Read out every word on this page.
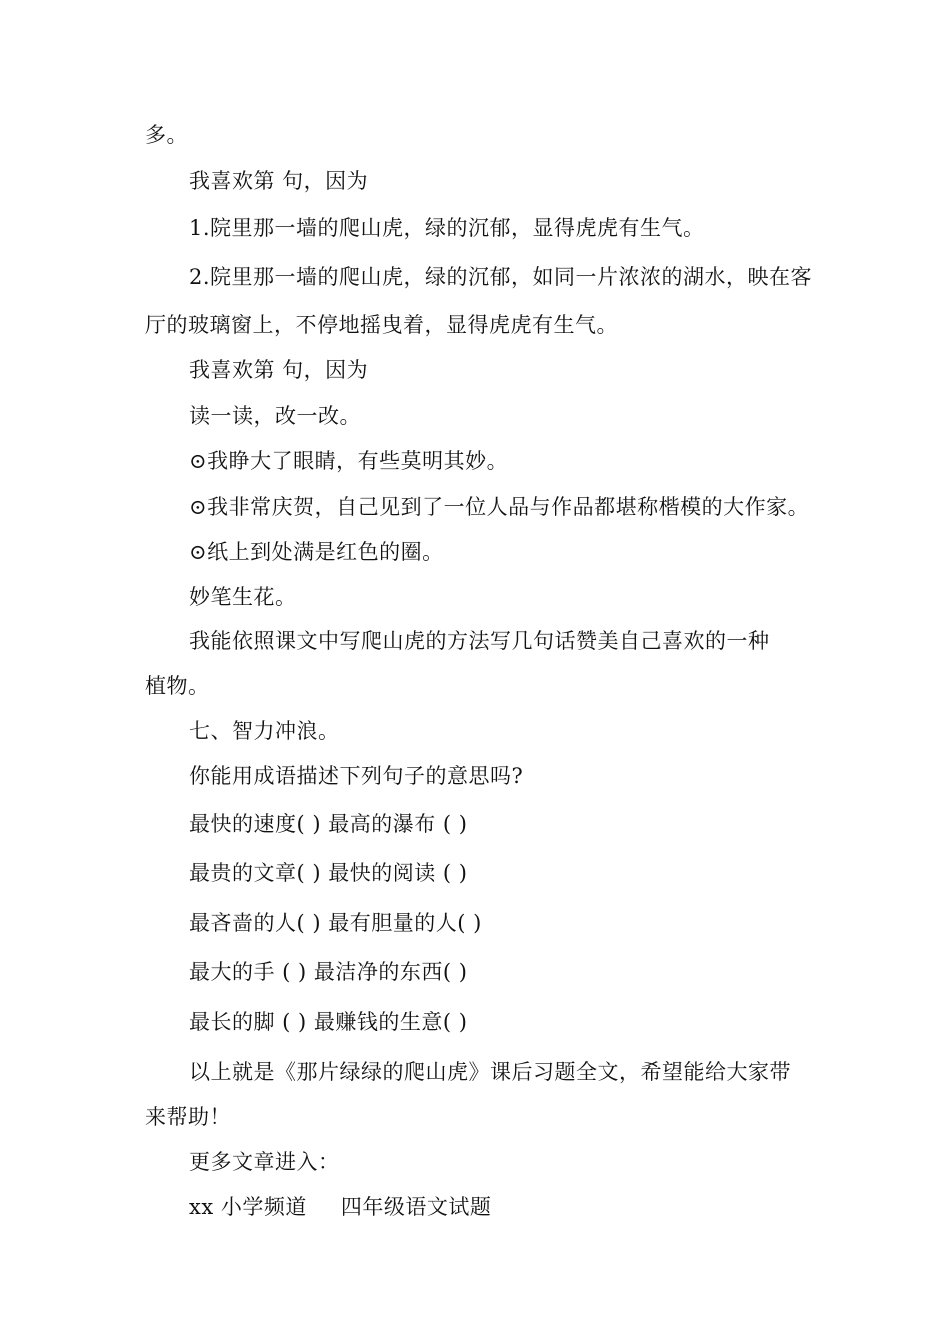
多。
我喜欢第 句，因为
1.院里那一墙的爬山虎，绿的沉郁，显得虎虎有生气。
2.院里那一墙的爬山虎，绿的沉郁，如同一片浓浓的湖水，映在客
厅的玻璃窗上，不停地摇曳着，显得虎虎有生气。
我喜欢第 句，因为
读一读，改一改。
⊙我睁大了眼睛，有些莫明其妙。
⊙我非常庆贺，自己见到了一位人品与作品都堪称楷模的大作家。
⊙纸上到处满是红色的圈。
妙笔生花。
我能依照课文中写爬山虎的方法写几句话赞美自己喜欢的一种
植物。
七、智力冲浪。
你能用成语描述下列句子的意思吗?
最快的速度( ) 最高的瀑布 ( )
最贵的文章( ) 最快的阅读 ( )
最吝啬的人( ) 最有胆量的人( )
最大的手 ( ) 最洁净的东西( )
最长的脚 ( ) 最赚钱的生意( )
以上就是《那片绿绿的爬山虎》课后习题全文，希望能给大家带
来帮助！
更多文章进入：
xx 小学频道 四年级语文试题
